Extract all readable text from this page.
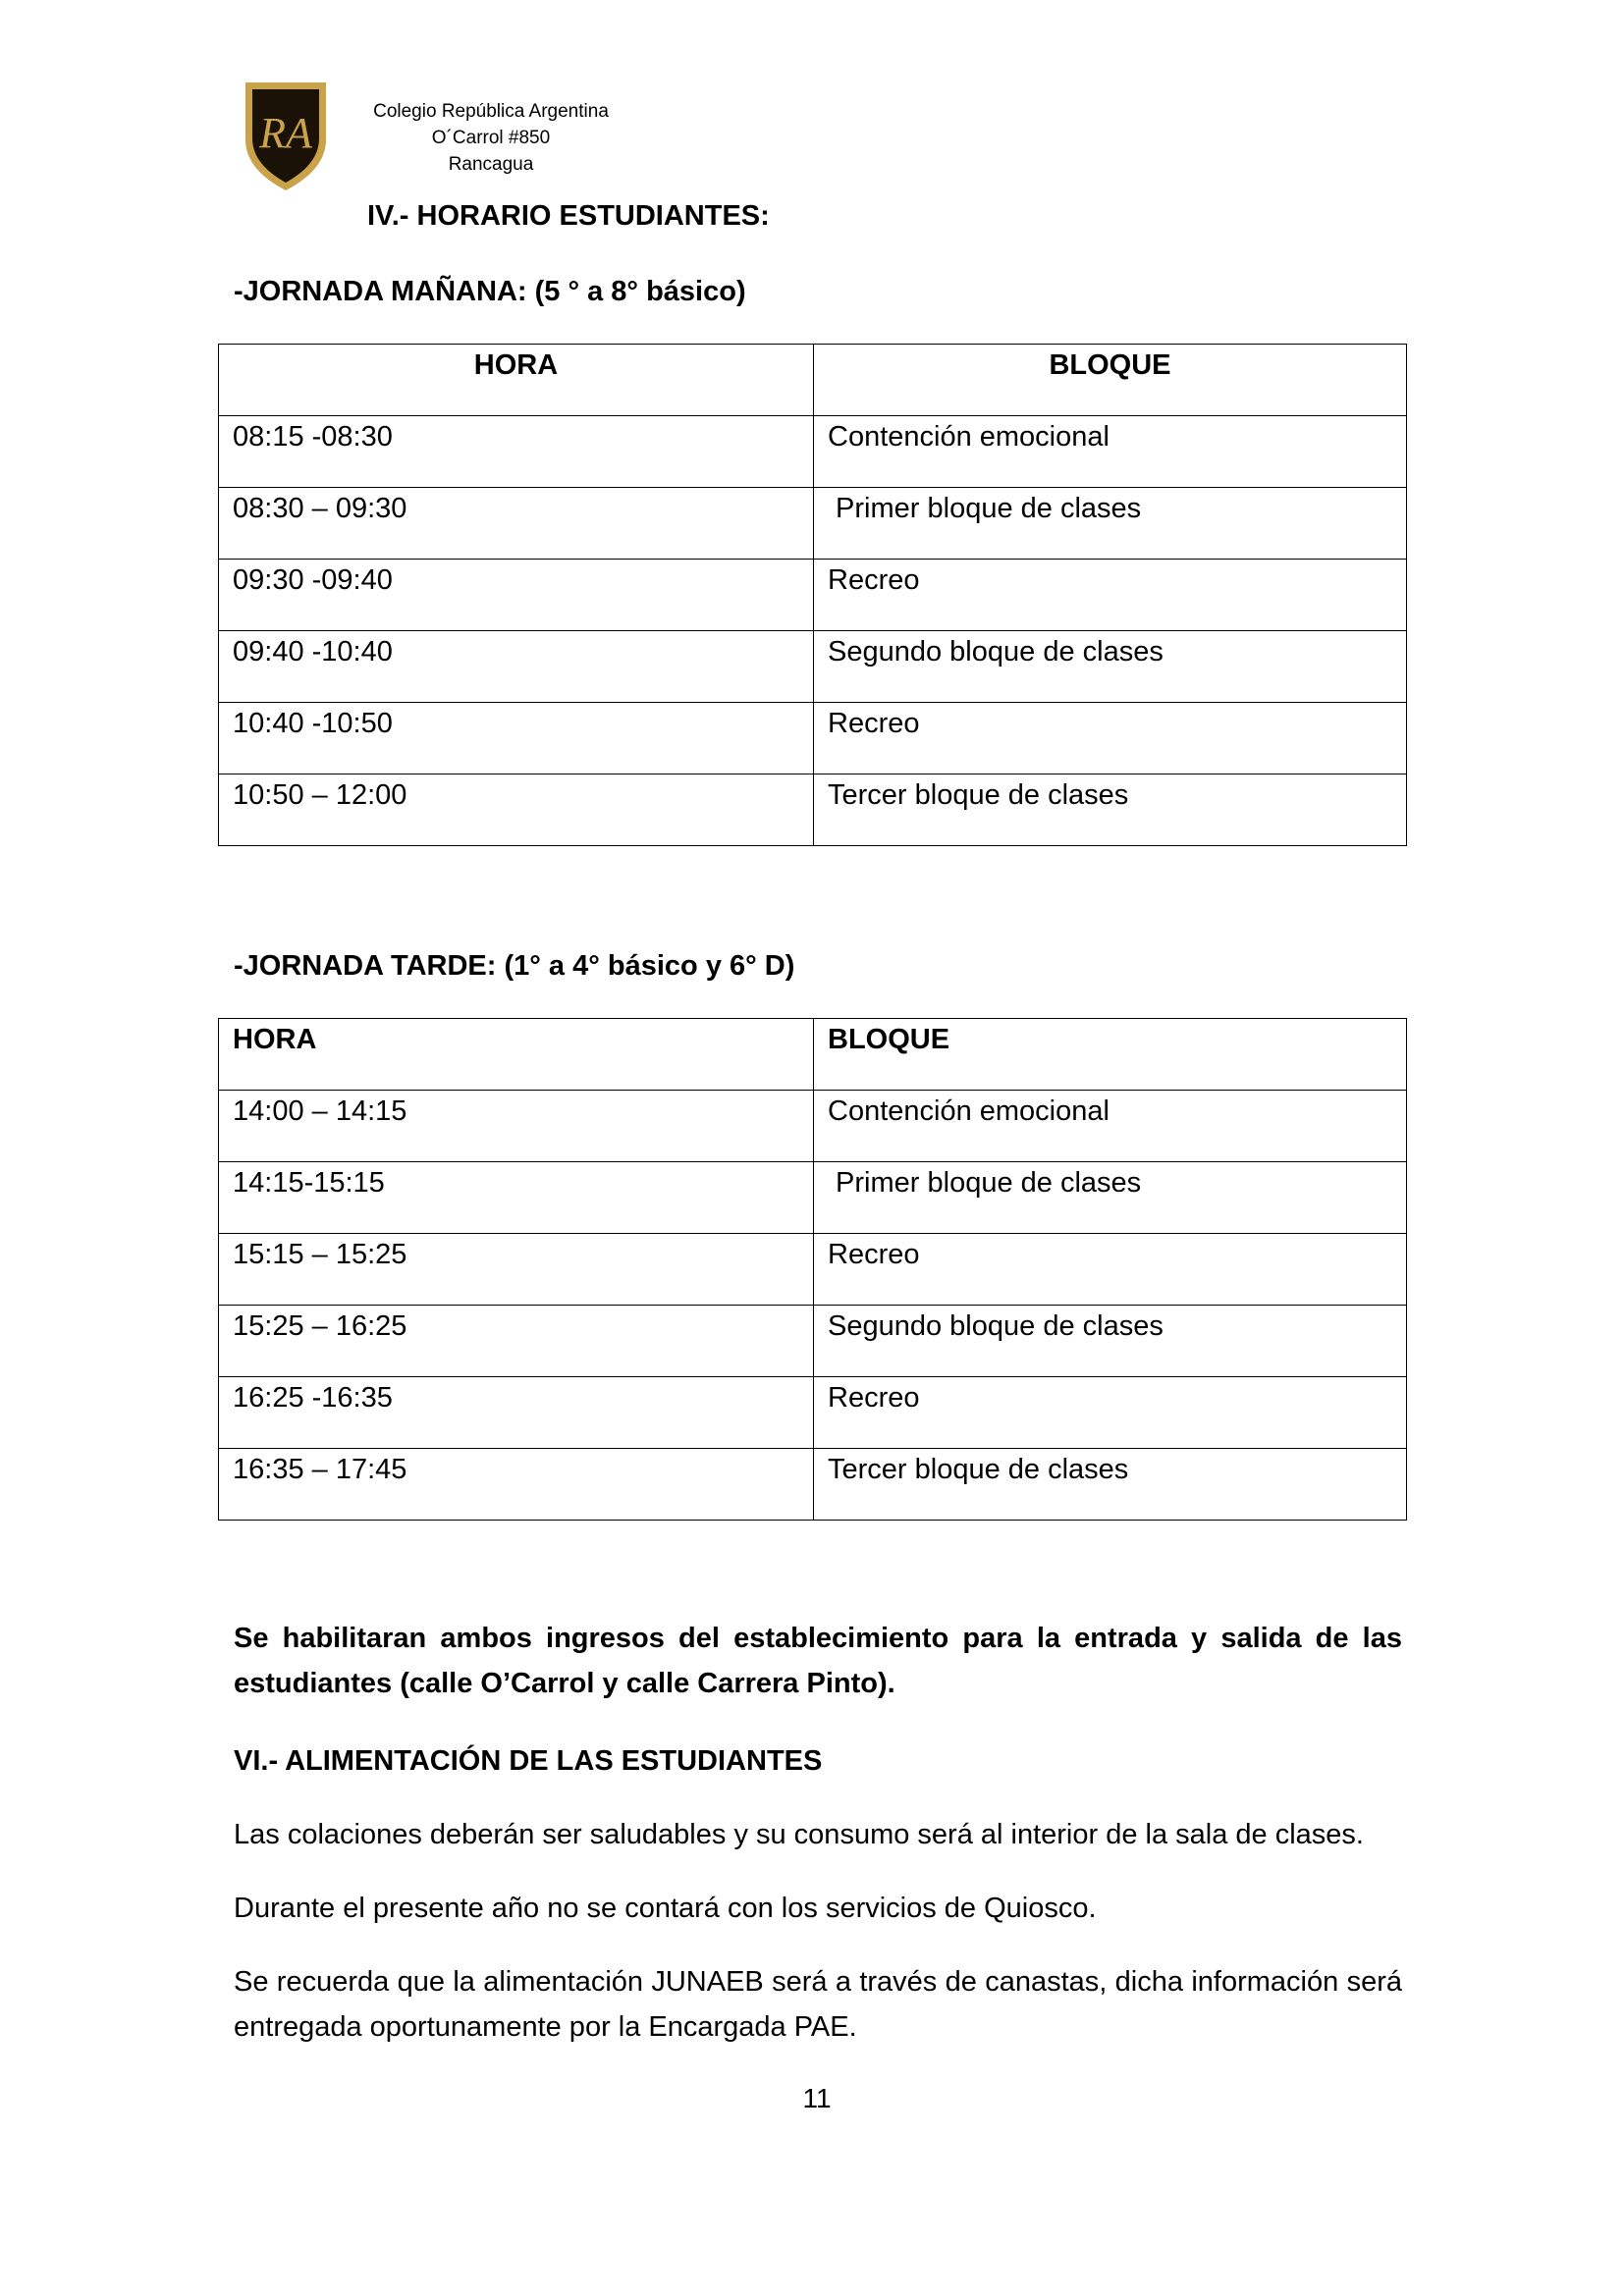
RA	Colegio República Argentina
O´Carrol #850
Rancagua
IV.- HORARIO ESTUDIANTES:
-JORNADA MAÑANA: (5 ° a 8° básico)
HORA	BLOQUE
08:15 -08:30	Contención emocional
08:30 – 09:30	Primer bloque de clases
09:30 -09:40	Recreo
09:40 -10:40	Segundo bloque de clases
10:40 -10:50	Recreo
10:50 – 12:00	Tercer bloque de clases
-JORNADA TARDE: (1° a 4° básico y 6° D)
HORA	BLOQUE
14:00 – 14:15	Contención emocional
14:15-15:15	Primer bloque de clases
15:15 – 15:25	Recreo
15:25 – 16:25	Segundo bloque de clases
16:25 -16:35	Recreo
16:35 – 17:45	Tercer bloque de clases
Se habilitaran ambos ingresos del establecimiento para la entrada y salida de las estudiantes (calle O’Carrol y calle Carrera Pinto).
VI.- ALIMENTACIÓN DE LAS ESTUDIANTES
Las colaciones deberán ser saludables y su consumo será al interior de la sala de clases.
Durante el presente año no se contará con los servicios de Quiosco.
Se recuerda que la alimentación JUNAEB será a través de canastas, dicha información será entregada oportunamente por la Encargada PAE.
11
